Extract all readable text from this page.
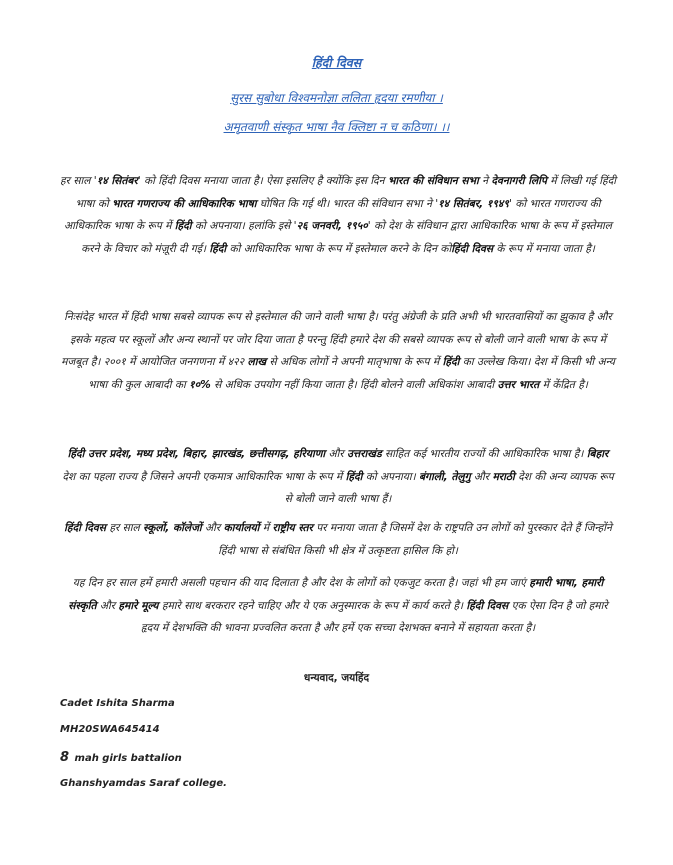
हिंदी दिवस
सुरस सुबोधा विश्वमनोज्ञा ललिता हृदया रमणीया ।
अमृतवाणी संस्कृत भाषा नैव क्लिष्टा न च कठिणा। ।।

हर साल '१४ सितंबर' को हिंदी दिवस मनाया जाता है। ऐसा इसलिए है क्योंकि इस दिन भारत की संविधान सभा ने देवनागरी लिपि में लिखी गई हिंदी भाषा को भारत गणराज्य की आधिकारिक भाषा घोषित कि गई थी। भारत की संविधान सभा ने '१४ सितंबर, १९४९' को भारत गणराज्य की आधिकारिक भाषा के रूप में हिंदी को अपनाया। हलांकि इसे '२६ जनवरी, १९५०' को देश के संविधान द्वारा आधिकारिक भाषा के रूप में इस्तेमाल करने के विचार को मंज़ूरी दी गई। हिंदी को आधिकारिक भाषा के रूप में इस्तेमाल करने के दिन कोहिंदी दिवस के रूप में मनाया जाता है।

निःसंदेह भारत में हिंदी भाषा सबसे व्यापक रूप से इस्तेमाल की जाने वाली भाषा है। परंतु अंग्रेजी के प्रति अभी भी भारतवासियों का झुकाव है और इसके महत्व पर स्कूलों और अन्य स्थानों पर जोर दिया जाता है परन्तु हिंदी हमारे देश की सबसे व्यापक रूप से बोली जाने वाली भाषा के रूप में मजबूत है। २००१ में आयोजित जनगणना में ४२२ लाख से अधिक लोगों ने अपनी मातृभाषा के रूप में हिंदी का उल्लेख किया। देश में किसी भी अन्य भाषा की कुल आबादी का १०% से अधिक उपयोग नहीं किया जाता है। हिंदी बोलने वाली अधिकांश आबादी उत्तर भारत में केंद्रित है।

हिंदी उत्तर प्रदेश, मध्य प्रदेश, बिहार, झारखंड, छत्तीसगढ़, हरियाणा और उत्तराखंड साहित कई भारतीय राज्यों की आधिकारिक भाषा है। बिहार देश का पहला राज्य है जिसने अपनी एकमात्र आधिकारिक भाषा के रूप में हिंदी को अपनाया। बंगाली, तेलुगु और मराठी देश की अन्य व्यापक रूप से बोली जाने वाली भाषा हैं।

हिंदी दिवस हर साल स्कूलों, कॉलेजों और कार्यालयों में राष्ट्रीय स्तर पर मनाया जाता है जिसमें देश के राष्ट्रपति उन लोगों को पुरस्कार देते हैं जिन्होंने हिंदी भाषा से संबंधित किसी भी क्षेत्र में उत्कृष्टता हासिल कि हो।

यह दिन हर साल हमें हमारी असली पहचान की याद दिलाता है और देश के लोगों को एकजुट करता है। जहां भी हम जाएं हमारी भाषा, हमारी संस्कृति और हमारे मूल्य हमारे साथ बरकरार रहने चाहिए और ये एक अनुस्मारक के रूप में कार्य करते है। हिंदी दिवस एक ऐसा दिन है जो हमारे हृदय में देशभक्ति की भावना प्रज्वलित करता है और हमें एक सच्चा देशभक्त बनाने में सहायता करता है।

धन्यवाद, जयहिंद
Cadet Ishita Sharma
MH20SWA645414
8 mah girls battalion
Ghanshyamdas Saraf college.
